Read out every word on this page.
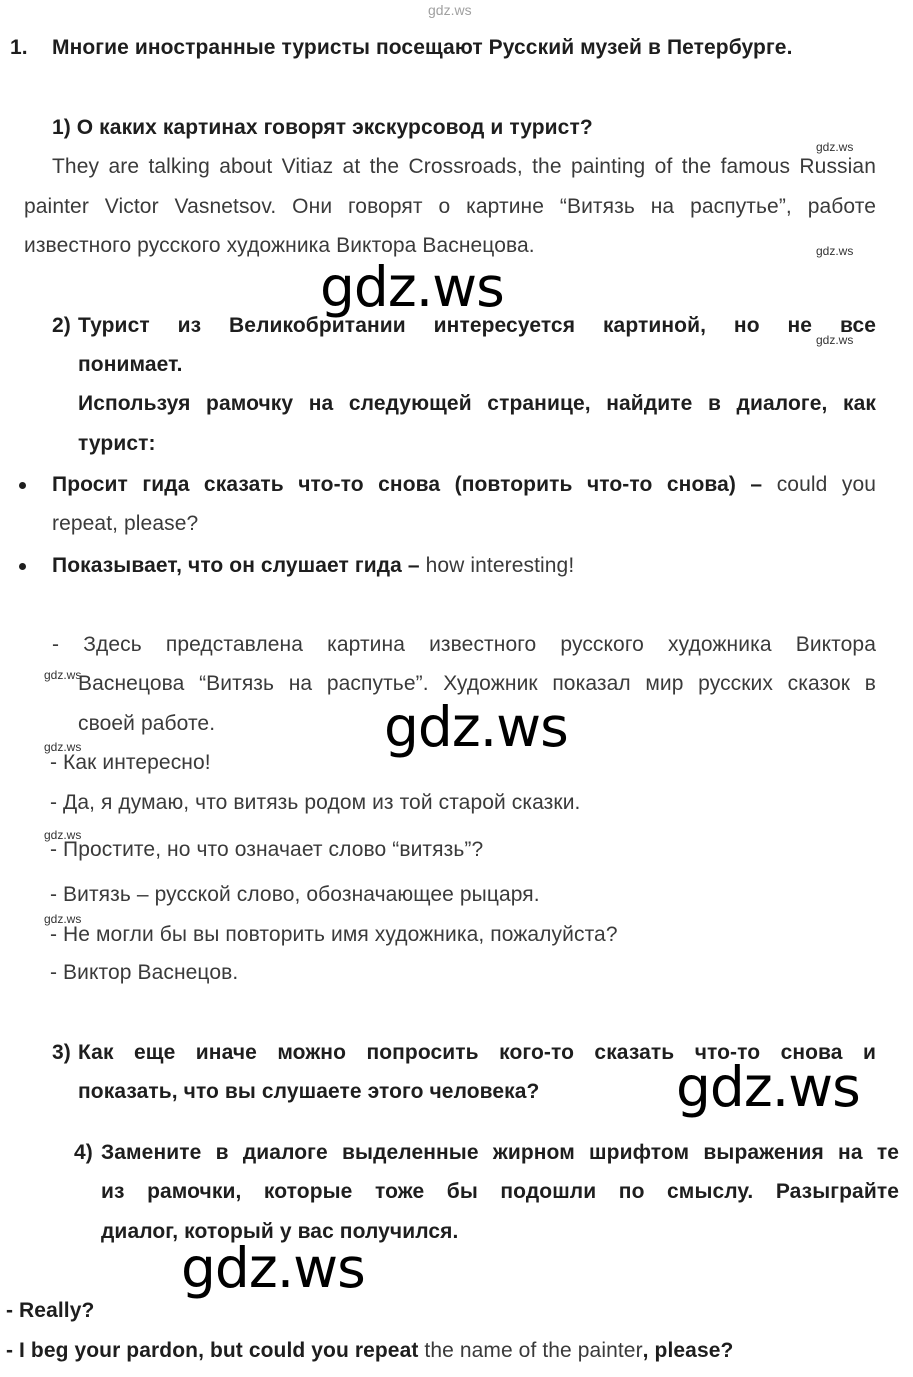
gdz.ws
1. Многие иностранные туристы посещают Русский музей в Петербурге.
1) О каких картинах говорят экскурсовод и турист?
gdz.ws
They are talking about Vitiaz at the Crossroads, the painting of the famous Russian
painter Victor Vasnetsov. Они говорят о картине “Витязь на распутье”, работе
известного русского художника Виктора Васнецова.	gdz.ws
gdz.ws
2) Турист из Великобритании интересуется картиной, но не все
gdz.ws
понимает.
Используя рамочку на следующей странице, найдите в диалоге, как
турист:
Просит гида сказать что-то снова (повторить что-то снова) – could you
repeat, please?
Показывает, что он слушает гида – how interesting!
- Здесь представлена картина известного русского художника Виктора
gdz.ws
Васнецова “Витязь на распутье”. Художник показал мир русских сказок в
своей работе.	gdz.ws
gdz.ws
- Как интересно!
- Да, я думаю, что витязь родом из той старой сказки.
gdz.ws
- Простите, но что означает слово “витязь”?
- Витязь – русской слово, обозначающее рыцаря.
gdz.ws
- Не могли бы вы повторить имя художника, пожалуйста?
- Виктор Васнецов.
3) Как еще иначе можно попросить кого-то сказать что-то снова и
показать, что вы слушаете этого человека? gdz.ws
4) Замените в диалоге выделенные жирном шрифтом выражения на те
из рамочки, которые тоже бы подошли по смыслу. Разыграйте
диалог, который у вас получился.
gdz.ws
- Really?
- I beg your pardon, but could you repeat the name of the painter, please?
